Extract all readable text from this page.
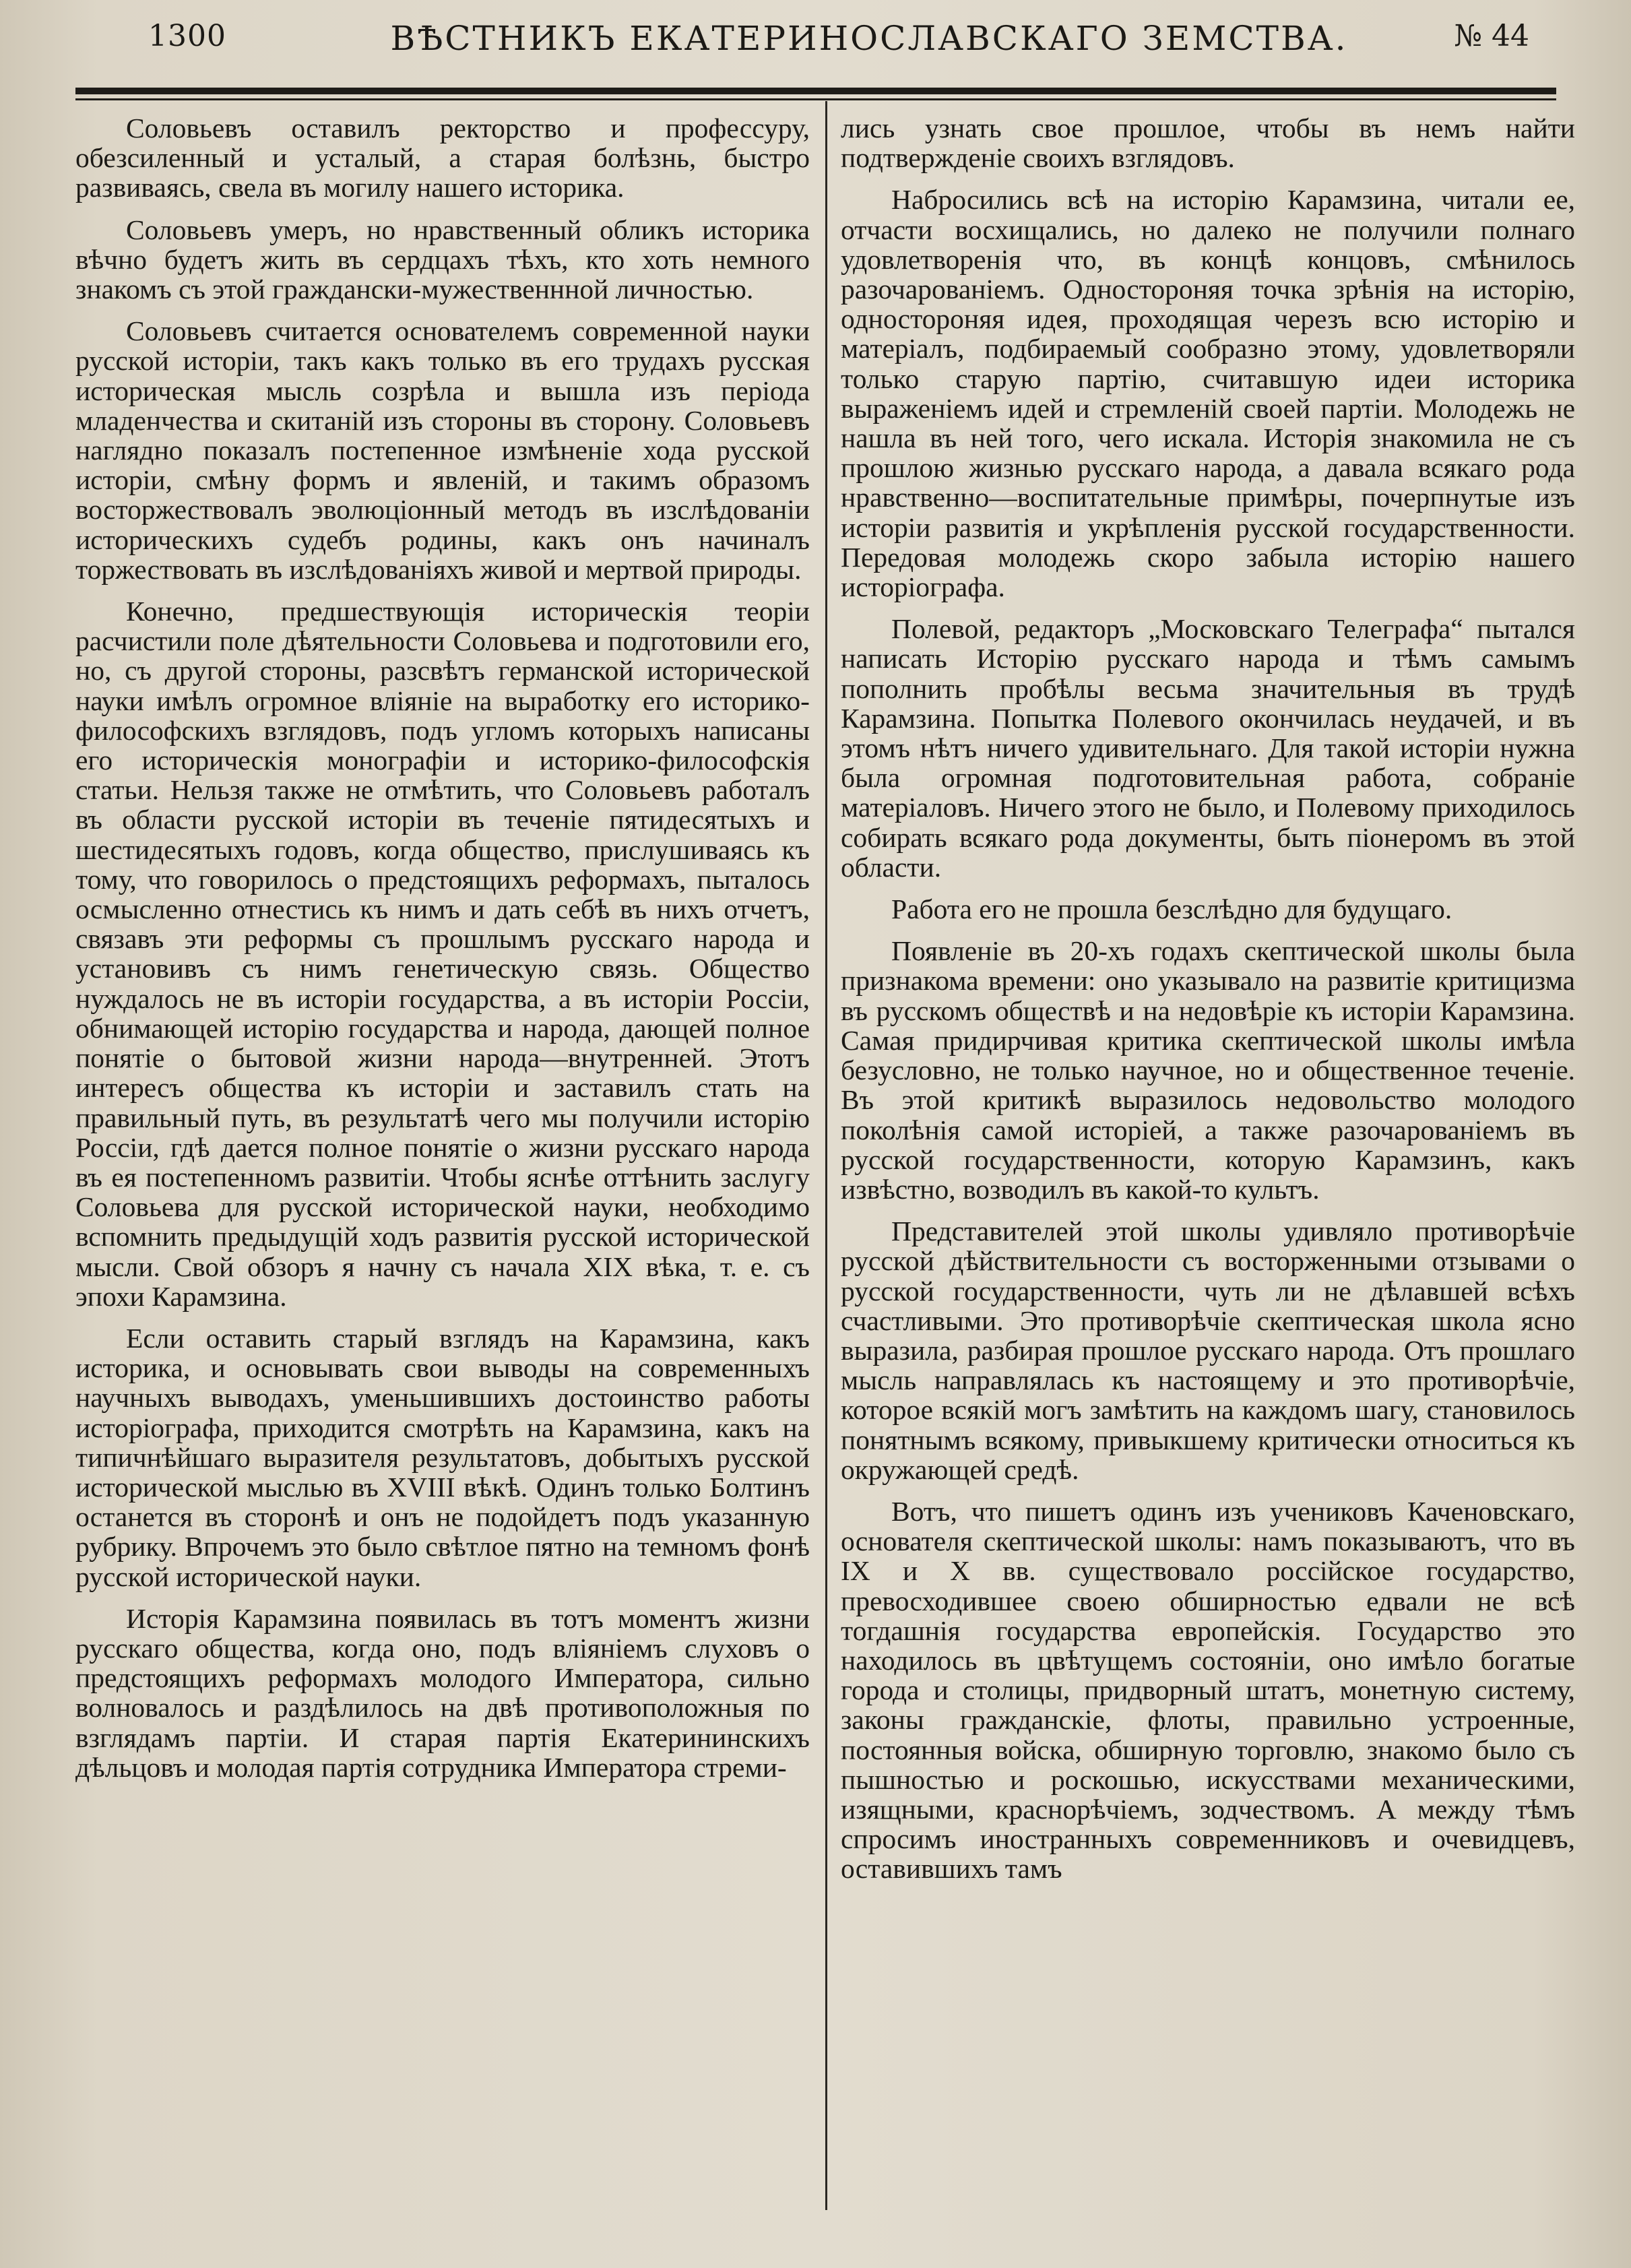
1300	ВѢСТНИКЪ ЕКАТЕРИНОСЛАВСКАГО ЗЕМСТВА.	№ 44

Соловьевъ оставилъ ректорство и профессуру, обезсиленный и усталый, а старая болѣзнь, быстро развиваясь, свела въ могилу нашего историка.

Соловьевъ умеръ, но нравственный обликъ историка вѣчно будетъ жить въ сердцахъ тѣхъ, кто хоть немного знакомъ съ этой граждански-мужественнной личностью.

Соловьевъ считается основателемъ современной науки русской исторіи, такъ какъ только въ его трудахъ русская историческая мысль созрѣла и вышла изъ періода младенчества и скитаній изъ стороны въ сторону. Соловьевъ наглядно показалъ постепенное измѣненіе хода русской исторіи, смѣну формъ и явленій, и такимъ образомъ восторжествовалъ эволюціонный методъ въ изслѣдованіи историческихъ судебъ родины, какъ онъ начиналъ торжествовать въ изслѣдованіяхъ живой и мертвой природы.

Конечно, предшествующія историческія теоріи расчистили поле дѣятельности Соловьева и подготовили его, но, съ другой стороны, разсвѣтъ германской исторической науки имѣлъ огромное вліяніе на выработку его историко-философскихъ взглядовъ, подъ угломъ которыхъ написаны его историческія монографіи и историко-философскія статьи. Нельзя также не отмѣтить, что Соловьевъ работалъ въ области русской исторіи въ теченіе пятидесятыхъ и шестидесятыхъ годовъ, когда общество, прислушиваясь къ тому, что говорилось о предстоящихъ реформахъ, пыталось осмысленно отнестись къ нимъ и дать себѣ въ нихъ отчетъ, связавъ эти реформы съ прошлымъ русскаго народа и установивъ съ нимъ генетическую связь. Общество нуждалось не въ исторіи государства, а въ исторіи Россіи, обнимающей исторію государства и народа, дающей полное понятіе о бытовой жизни народа—внутренней. Этотъ интересъ общества къ исторіи и заставилъ стать на правильный путь, въ результатѣ чего мы получили исторію Россіи, гдѣ дается полное понятіе о жизни русскаго народа въ ея постепенномъ развитіи. Чтобы яснѣе оттѣнить заслугу Соловьева для русской исторической науки, необходимо вспомнить предыдущій ходъ развитія русской исторической мысли. Свой обзоръ я начну съ начала XIX вѣка, т. е. съ эпохи Карамзина.

Если оставить старый взглядъ на Карамзина, какъ историка, и основывать свои выводы на современныхъ научныхъ выводахъ, уменьшившихъ достоинство работы исторіографа, приходится смотрѣть на Карамзина, какъ на типичнѣйшаго выразителя результатовъ, добытыхъ русской исторической мыслью въ XVIII вѣкѣ. Одинъ только Болтинъ останется въ сторонѣ и онъ не подойдетъ подъ указанную рубрику. Впрочемъ это было свѣтлое пятно на темномъ фонѣ русской исторической науки.

Исторія Карамзина появилась въ тотъ моментъ жизни русскаго общества, когда оно, подъ вліяніемъ слуховъ о предстоящихъ реформахъ молодого Императора, сильно волновалось и раздѣлилось на двѣ противоположныя по взглядамъ партіи. И старая партія Екатерининскихъ дѣльцовъ и молодая партія сотрудника Императора стреми-

лись узнать свое прошлое, чтобы въ немъ найти подтвержденіе своихъ взглядовъ.

Набросились всѣ на исторію Карамзина, читали ее, отчасти восхищались, но далеко не получили полнаго удовлетворенія что, въ концѣ концовъ, смѣнилось разочарованіемъ. Одностороняя точка зрѣнія на исторію, одностороняя идея, проходящая черезъ всю исторію и матеріалъ, подбираемый сообразно этому, удовлетворяли только старую партію, считавшую идеи историка выраженіемъ идей и стремленій своей партіи. Молодежь не нашла въ ней того, чего искала. Исторія знакомила не съ прошлою жизнью русскаго народа, а давала всякаго рода нравственно—воспитательные примѣры, почерпнутые изъ исторіи развитія и укрѣпленія русской государственности. Передовая молодежь скоро забыла исторію нашего исторіографа.

Полевой, редакторъ „Московскаго Телеграфа“ пытался написать Исторію русскаго народа и тѣмъ самымъ пополнить пробѣлы весьма значительныя въ трудѣ Карамзина. Попытка Полевого окончилась неудачей, и въ этомъ нѣтъ ничего удивительнаго. Для такой исторіи нужна была огромная подготовительная работа, собраніе матеріаловъ. Ничего этого не было, и Полевому приходилось собирать всякаго рода документы, быть піонеромъ въ этой области.

Работа его не прошла безслѣдно для будущаго.

Появленіе въ 20-хъ годахъ скептической школы была признакома времени: оно указывало на развитіе критицизма въ русскомъ обществѣ и на недовѣріе къ исторіи Карамзина. Самая придирчивая критика скептической школы имѣла безусловно, не только научное, но и общественное теченіе. Въ этой критикѣ выразилось недовольство молодого поколѣнія самой исторіей, а также разочарованіемъ въ русской государственности, которую Карамзинъ, какъ извѣстно, возводилъ въ какой-то культъ.

Представителей этой школы удивляло противорѣчіе русской дѣйствительности съ восторженными отзывами о русской государственности, чуть ли не дѣлавшей всѣхъ счастливыми. Это противорѣчіе скептическая школа ясно выразила, разбирая прошлое русскаго народа. Отъ прошлаго мысль направлялась къ настоящему и это противорѣчіе, которое всякій могъ замѣтить на каждомъ шагу, становилось понятнымъ всякому, привыкшему критически относиться къ окружающей средѣ.

Вотъ, что пишетъ одинъ изъ учениковъ Каченовскаго, основателя скептической школы: намъ показываютъ, что въ IX и X вв. существовало россійское государство, превосходившее своею обширностью едвали не всѣ тогдашнія государства европейскія. Государство это находилось въ цвѣтущемъ состояніи, оно имѣло богатые города и столицы, придворный штатъ, монетную систему, законы гражданскіе, флоты, правильно устроенные, постоянныя войска, обширную торговлю, знакомо было съ пышностью и роскошью, искусствами механическими, изящными, краснорѣчіемъ, зодчествомъ. А между тѣмъ спросимъ иностранныхъ современниковъ и очевидцевъ, оставившихъ тамъ
